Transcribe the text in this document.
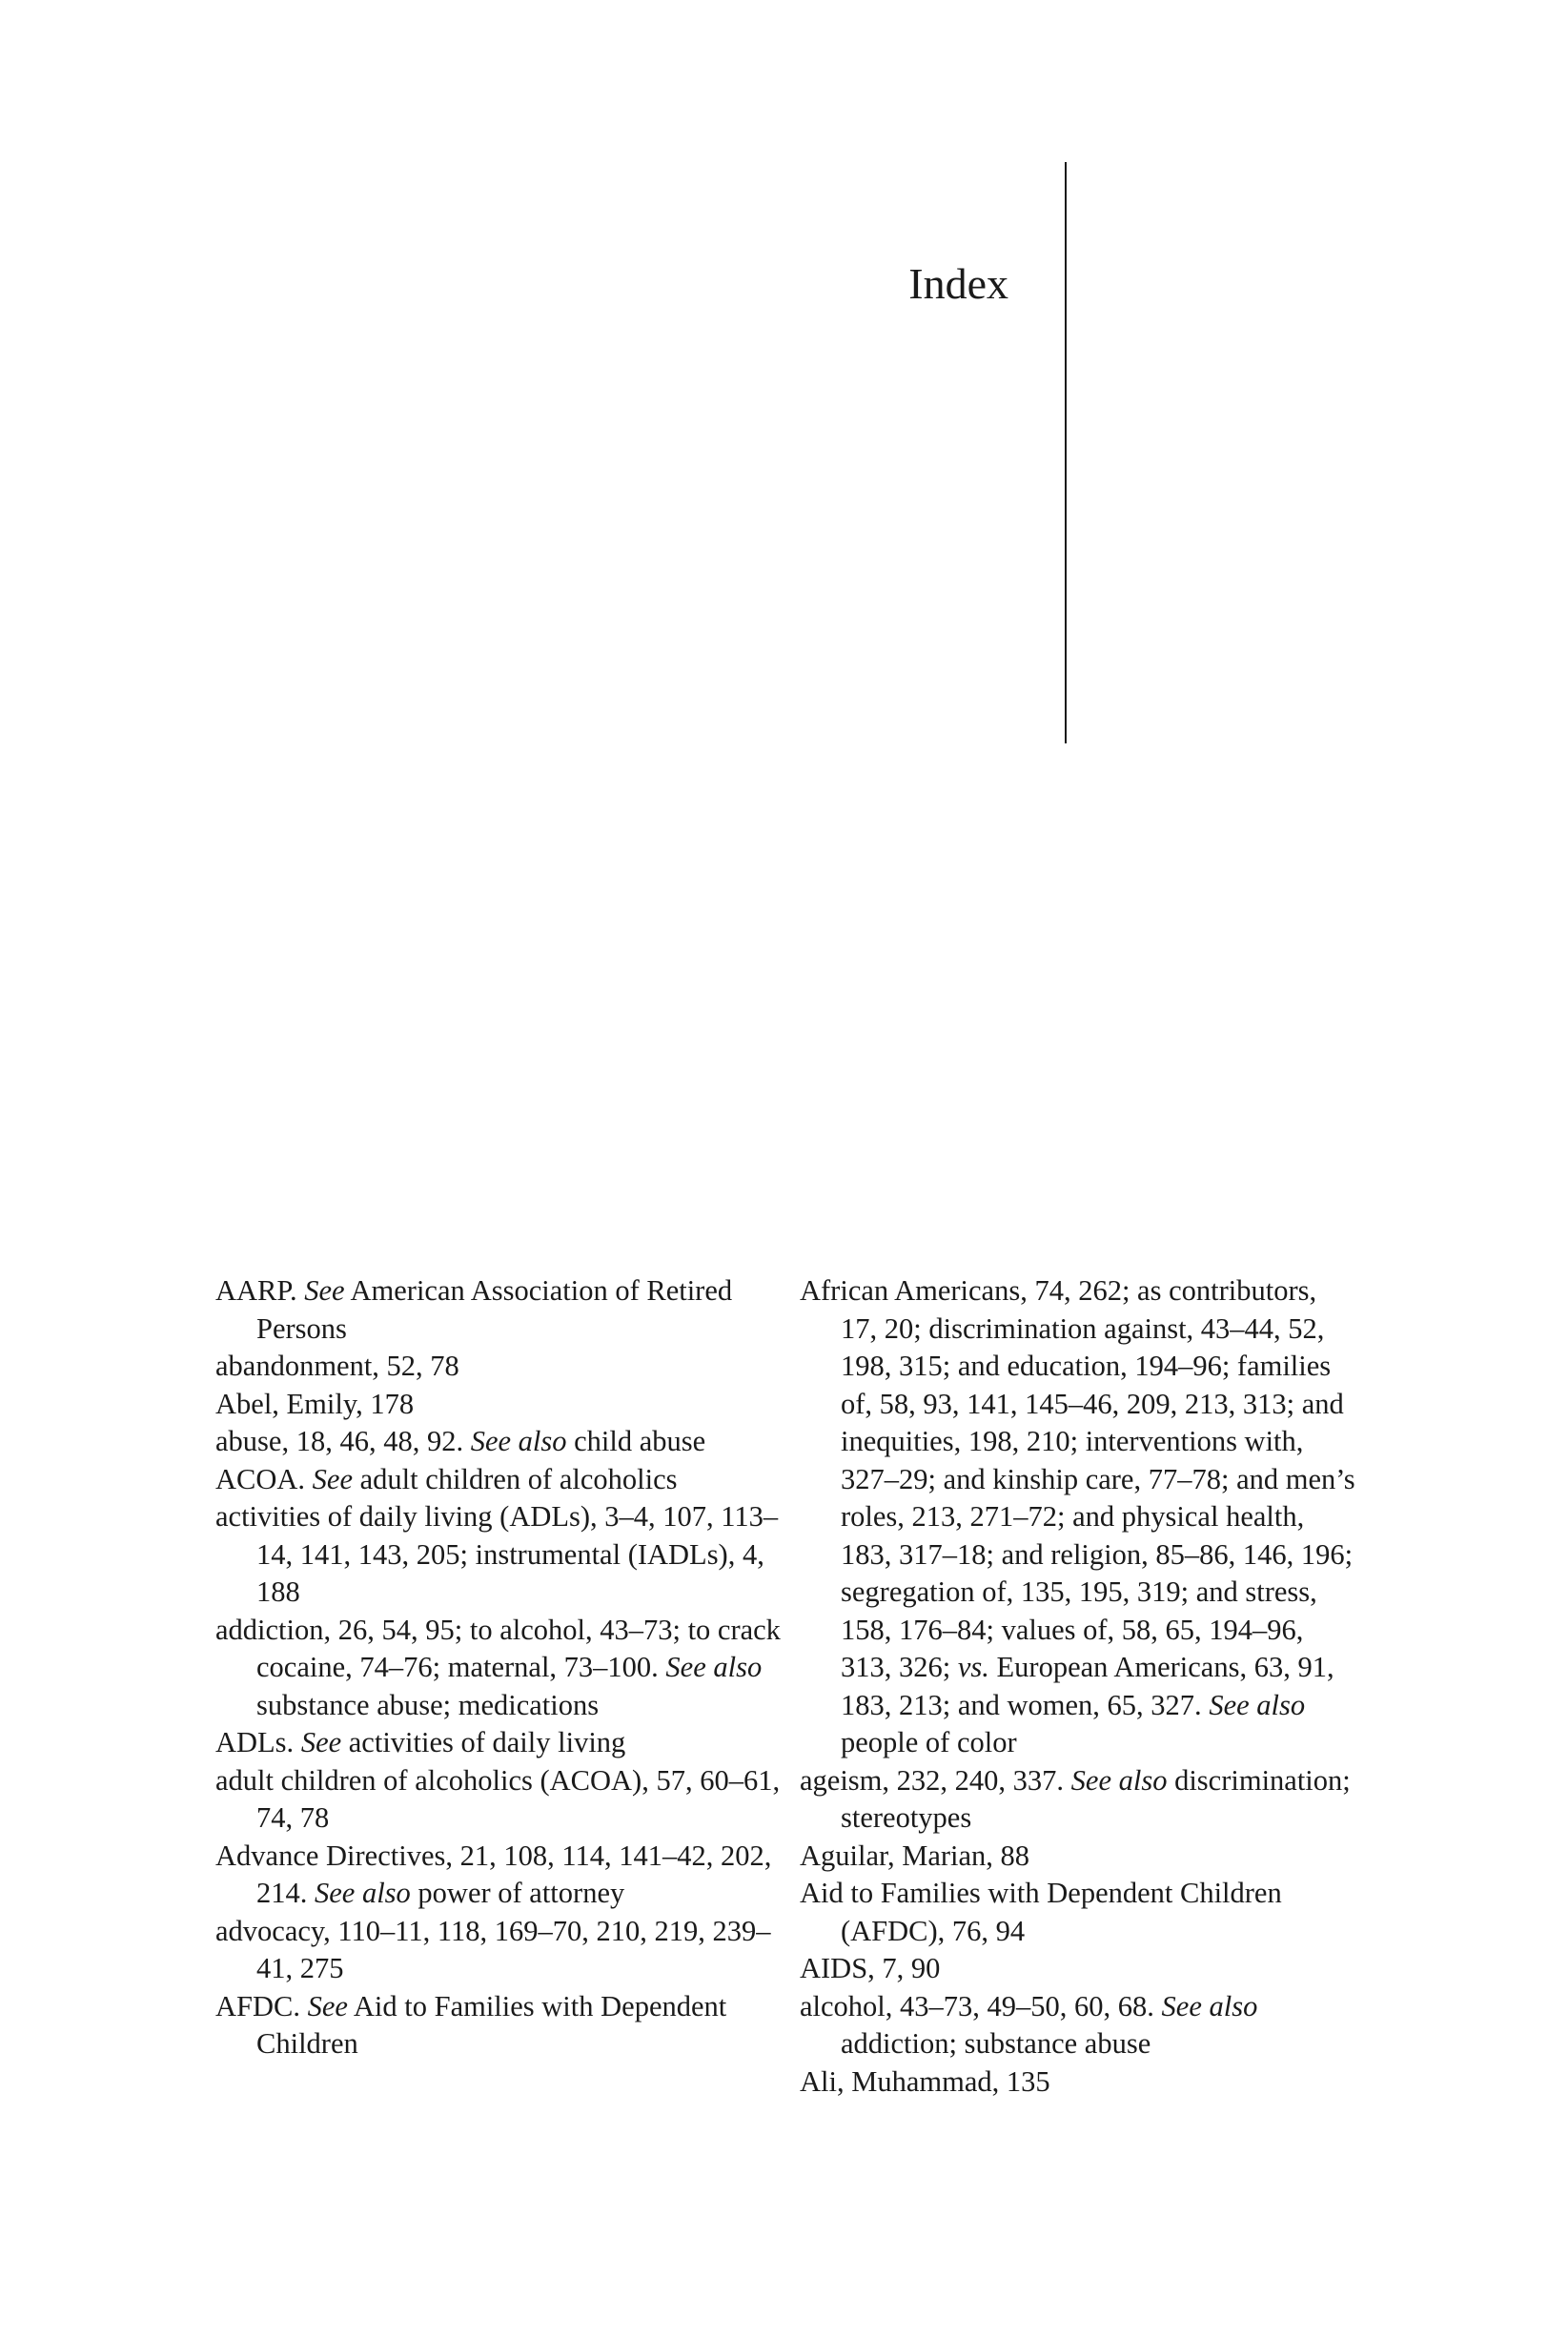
Index
AARP. See American Association of Retired Persons
abandonment, 52, 78
Abel, Emily, 178
abuse, 18, 46, 48, 92. See also child abuse
ACOA. See adult children of alcoholics
activities of daily living (ADLs), 3–4, 107, 113–14, 141, 143, 205; instrumental (IADLs), 4, 188
addiction, 26, 54, 95; to alcohol, 43–73; to crack cocaine, 74–76; maternal, 73–100. See also substance abuse; medications
ADLs. See activities of daily living
adult children of alcoholics (ACOA), 57, 60–61, 74, 78
Advance Directives, 21, 108, 114, 141–42, 202, 214. See also power of attorney
advocacy, 110–11, 118, 169–70, 210, 219, 239–41, 275
AFDC. See Aid to Families with Dependent Children
African Americans, 74, 262; as contributors, 17, 20; discrimination against, 43–44, 52, 198, 315; and education, 194–96; families of, 58, 93, 141, 145–46, 209, 213, 313; and inequities, 198, 210; interventions with, 327–29; and kinship care, 77–78; and men’s roles, 213, 271–72; and physical health, 183, 317–18; and religion, 85–86, 146, 196; segregation of, 135, 195, 319; and stress, 158, 176–84; values of, 58, 65, 194–96, 313, 326; vs. European Americans, 63, 91, 183, 213; and women, 65, 327. See also people of color
ageism, 232, 240, 337. See also discrimination; stereotypes
Aguilar, Marian, 88
Aid to Families with Dependent Children (AFDC), 76, 94
AIDS, 7, 90
alcohol, 43–73, 49–50, 60, 68. See also addiction; substance abuse
Ali, Muhammad, 135
